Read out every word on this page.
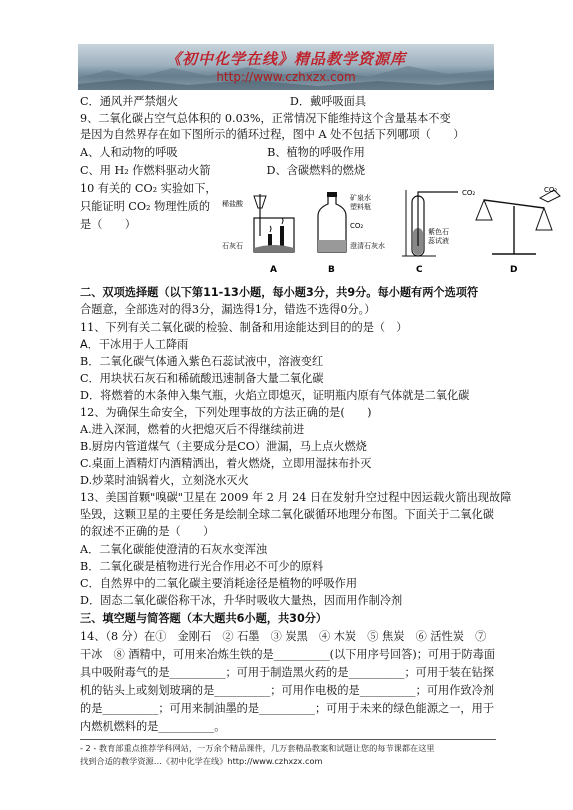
《初中化学在线》精品教学资源库
http://www.czhxzx.com
C．通风并严禁烟火　　　　　　　　　　D．戴呼吸面具
9、二氧化碳占空气总体积的 0.03%，正常情况下能维持这个含量基本不变
是因为自然界存在如下图所示的循环过程，图中 A 处不包括下列哪项（　　）
A、人和动物的呼吸　　　　　　　　B、植物的呼吸作用
C、用 H₂ 作燃料驱动火箭　　　　　D、含碳燃料的燃烧
10 有关的 CO₂ 实验如下，
只能证明 CO₂ 物理性质的
是（　　）
稀盐酸
石灰石
A
矿泉水
塑料瓶
CO₂
澄清石灰水
B
CO₂
紫色石
蕊试液
C
CO₂
D
二、双项选择题（以下第11-13小题，每小题3分，共9分。每小题有两个选项符
合题意，全部选对的得3分，漏选得1分，错选不选得0分。）
11、下列有关二氧化碳的检验、制备和用途能达到目的的是（　）
A．干冰用于人工降雨
B．二氧化碳气体通入紫色石蕊试液中，溶液变红
C．用块状石灰石和稀硫酸迅速制备大量二氧化碳
D．将燃着的木条伸入集气瓶，火焰立即熄灭，证明瓶内原有气体就是二氧化碳
12、为确保生命安全，下列处理事故的方法正确的是(　　)
A.进入深洞，燃着的火把熄灭后不得继续前进
B.厨房内管道煤气（主要成分是CO）泄漏，马上点火燃烧
C.桌面上酒精灯内酒精洒出，着火燃烧，立即用湿抹布扑灭
D.炒菜时油锅着火，立刻浇水灭火
13、美国首颗"嗅碳"卫星在 2009 年 2 月 24 日在发射升空过程中因运载火箭出现故障
坠毁，这颗卫星的主要任务是绘制全球二氧化碳循环地理分布图。下面关于二氧化碳
的叙述不正确的是（　　）
A．二氧化碳能使澄清的石灰水变浑浊
B．二氧化碳是植物进行光合作用必不可少的原料
C．自然界中的二氧化碳主要消耗途径是植物的呼吸作用
D．固态二氧化碳俗称干冰，升华时吸收大量热，因而用作制冷剂
三、填空题与简答题（本大题共6小题，共30分）
14、（8 分）在①　金刚石　② 石墨　③ 炭黑　④ 木炭　⑤ 焦炭　⑥ 活性炭　⑦
干冰　⑧ 酒精中，可用来冶炼生铁的是__________(以下用序号回答)；可用于防毒面
具中吸附毒气的是__________；可用于制造黑火药的是__________；可用于装在钻探
机的钻头上或刻划玻璃的是__________；可用作电极的是__________；可用作致冷剂
的是__________；可用来制油墨的是__________；可用于未来的绿色能源之一，用于
内燃机燃料的是__________。
- 2 - 教育部重点推荐学科网站，一万余个精品课件，几万套精品教案和试题让您的每节课都在这里
找到合适的教学资源…《初中化学在线》http://www.czhxzx.com
